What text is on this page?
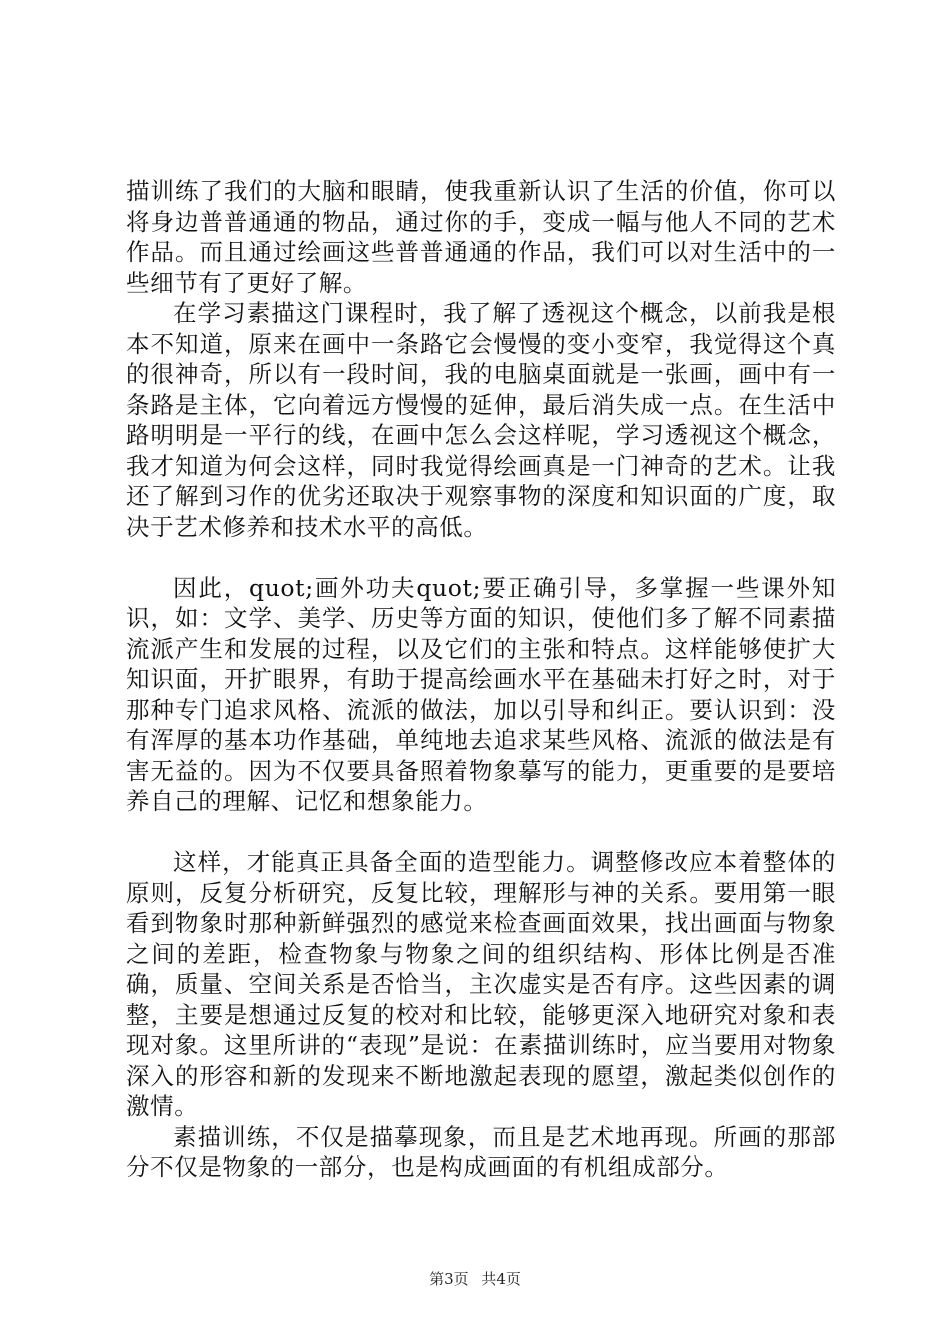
描训练了我们的大脑和眼睛，使我重新认识了生活的价值，你可以将身边普普通通的物品，通过你的手，变成一幅与他人不同的艺术作品。而且通过绘画这些普普通通的作品，我们可以对生活中的一些细节有了更好了解。

在学习素描这门课程时，我了解了透视这个概念，以前我是根本不知道，原来在画中一条路它会慢慢的变小变窄，我觉得这个真的很神奇，所以有一段时间，我的电脑桌面就是一张画，画中有一条路是主体，它向着远方慢慢的延伸，最后消失成一点。在生活中路明明是一平行的线，在画中怎么会这样呢，学习透视这个概念，我才知道为何会这样，同时我觉得绘画真是一门神奇的艺术。让我还了解到习作的优劣还取决于观察事物的深度和知识面的广度，取决于艺术修养和技术水平的高低。

因此，quot;画外功夫quot;要正确引导，多掌握一些课外知识，如：文学、美学、历史等方面的知识，使他们多了解不同素描流派产生和发展的过程，以及它们的主张和特点。这样能够使扩大知识面，开扩眼界，有助于提高绘画水平在基础未打好之时，对于那种专门追求风格、流派的做法，加以引导和纠正。要认识到：没有浑厚的基本功作基础，单纯地去追求某些风格、流派的做法是有害无益的。因为不仅要具备照着物象摹写的能力，更重要的是要培养自己的理解、记忆和想象能力。

这样，才能真正具备全面的造型能力。调整修改应本着整体的原则，反复分析研究，反复比较，理解形与神的关系。要用第一眼看到物象时那种新鲜强烈的感觉来检查画面效果，找出画面与物象之间的差距，检查物象与物象之间的组织结构、形体比例是否准确，质量、空间关系是否恰当，主次虚实是否有序。这些因素的调整，主要是想通过反复的校对和比较，能够更深入地研究对象和表现对象。这里所讲的“表现”是说：在素描训练时，应当要用对物象深入的形容和新的发现来不断地激起表现的愿望，激起类似创作的激情。

素描训练，不仅是描摹现象，而且是艺术地再现。所画的那部分不仅是物象的一部分，也是构成画面的有机组成部分。

第3页 共4页
